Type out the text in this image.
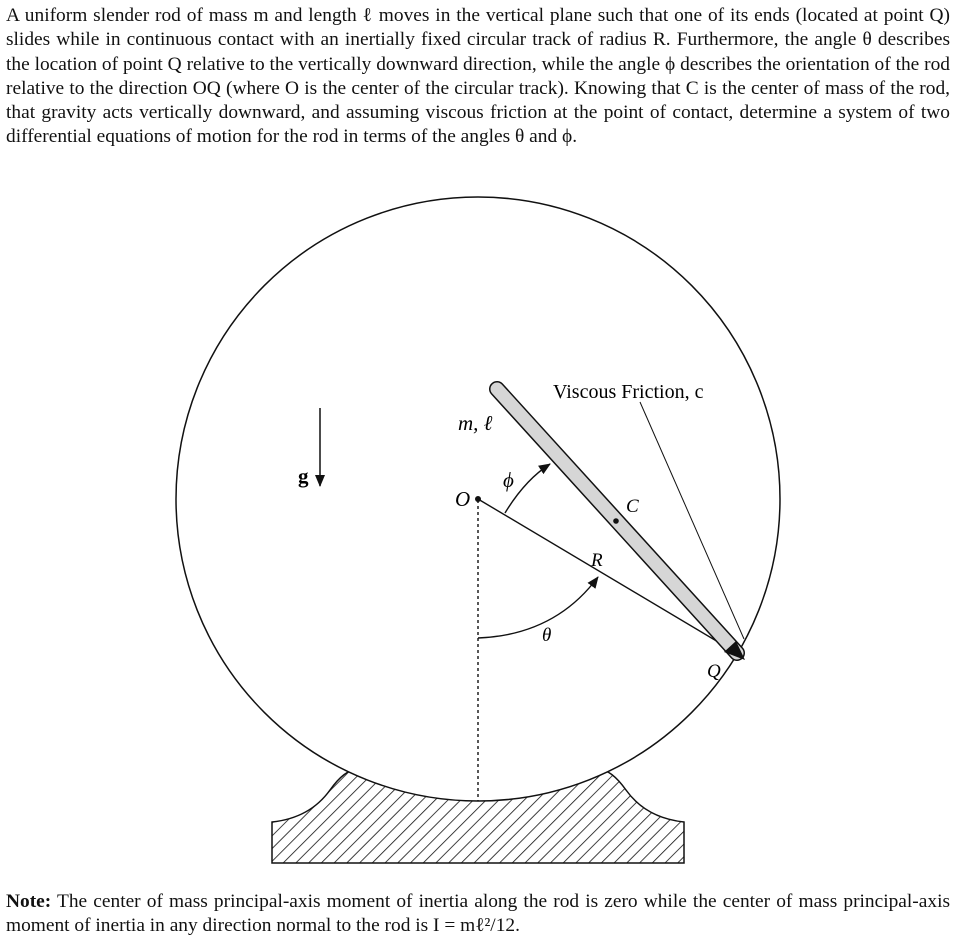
A uniform slender rod of mass m and length ℓ moves in the vertical plane such that one of its ends (located at point Q) slides while in continuous contact with an inertially fixed circular track of radius R. Furthermore, the angle θ describes the location of point Q relative to the vertically downward direction, while the angle ϕ describes the orientation of the rod relative to the direction OQ (where O is the center of the circular track). Knowing that C is the center of mass of the rod, that gravity acts vertically downward, and assuming viscous friction at the point of contact, determine a system of two differential equations of motion for the rod in terms of the angles θ and ϕ.

g
m, ℓ
O
ϕ
θ
R
C
Q
Viscous Friction, c

Note: The center of mass principal-axis moment of inertia along the rod is zero while the center of mass principal-axis moment of inertia in any direction normal to the rod is I = mℓ²/12.
